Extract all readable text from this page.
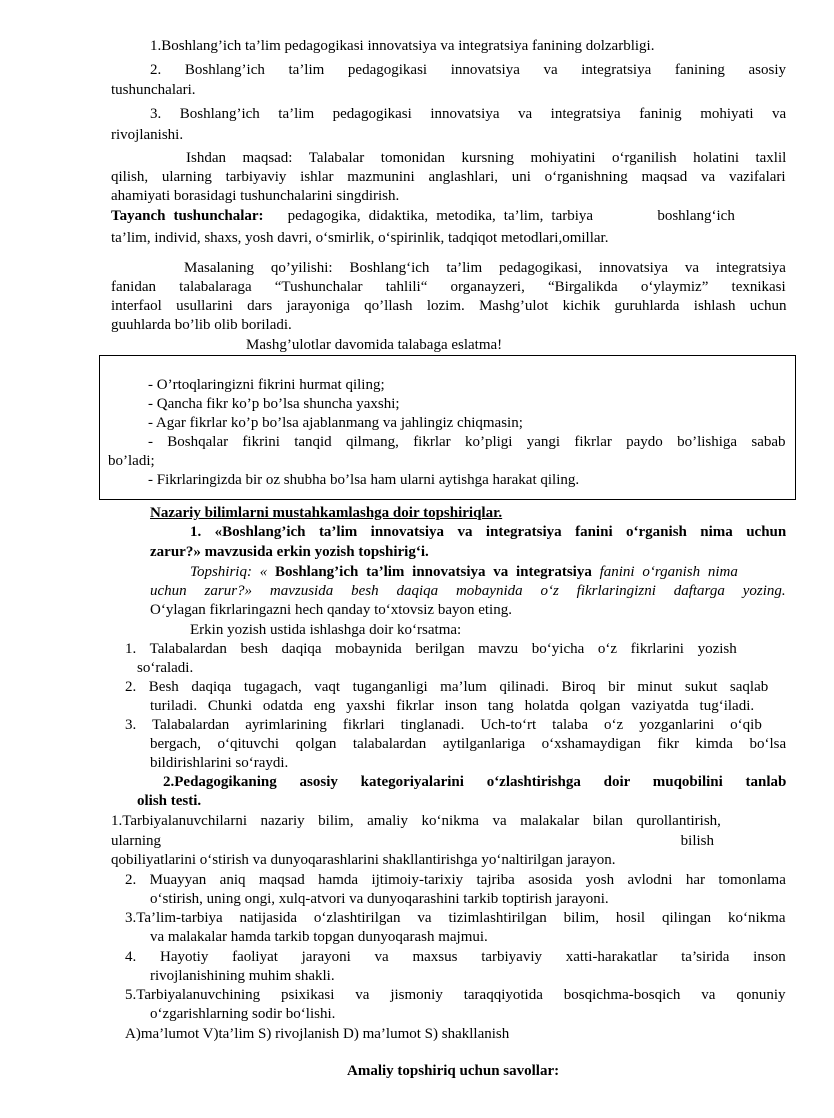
1.Boshlang’ich ta’lim pedagogikasi innovatsiya va integratsiya fanining dolzarbligi.
2. Boshlang’ich ta’lim pedagogikasi innovatsiya va integratsiya fanining asosiy
tushunchalari.
3. Boshlang’ich ta’lim pedagogikasi innovatsiya va integratsiya faninig mohiyati va
rivojlanishi.
Ishdan maqsad: Talabalar tomonidan kursning mohiyatini o‘rganilish holatini taxlil
qilish, ularning tarbiyaviy ishlar mazmunini anglashlari, uni o‘rganishning maqsad va vazifalari
ahamiyati borasidagi tushunchalarini singdirish.
Tayanch tushunchalar: pedagogika, didaktika, metodika, ta’lim, tarbiya        boshlang‘ich
ta’lim, individ, shaxs, yosh davri, o‘smirlik, o‘spirinlik, tadqiqot metodlari,omillar.
Masalaning qo’yilishi: Boshlang‘ich ta’lim pedagogikasi, innovatsiya va integratsiya
fanidan talabalaraga “Tushunchalar tahlili“ organayzeri, “Birgalikda o‘ylaymiz” texnikasi
interfaol usullarini dars jarayoniga qo’llash lozim. Mashg’ulot kichik guruhlarda ishlash uchun
guuhlarda bo’lib olib boriladi.
Mashg’ulotlar davomida talabaga eslatma!
- O’rtoqlaringizni fikrini hurmat qiling;
- Qancha fikr ko’p bo’lsa shuncha yaxshi;
- Agar fikrlar ko’p bo’lsa ajablanmang va jahlingiz chiqmasin;
- Boshqalar fikrini tanqid qilmang, fikrlar ko’pligi yangi fikrlar paydo bo’lishiga sabab
bo’ladi;
- Fikrlaringizda bir oz shubha bo’lsa ham ularni aytishga harakat qiling.
Nazariy bilimlarni mustahkamlashga doir topshiriqlar.
1. «Boshlang’ich ta’lim innovatsiya va integratsiya fanini o‘rganish nima uchun
zarur?» mavzusida erkin yozish topshirig‘i.
Topshiriq: « Boshlang’ich ta’lim innovatsiya va integratsiya fanini o‘rganish nima
uchun zarur?» mavzusida besh daqiqa mobaynida o‘z fikrlaringizni daftarga yozing.
O‘ylagan fikrlaringazni hech qanday to‘xtovsiz bayon eting.
Erkin yozish ustida ishlashga doir ko‘rsatma:
1. Talabalardan besh daqiqa mobaynida berilgan mavzu bo‘yicha o‘z fikrlarini yozish
so‘raladi.
2. Besh daqiqa tugagach, vaqt tuganganligi ma’lum qilinadi. Biroq bir minut sukut saqlab
turiladi. Chunki odatda eng yaxshi fikrlar inson tang holatda qolgan vaziyatda tug‘iladi.
3. Talabalardan ayrimlarining fikrlari tinglanadi. Uch-to‘rt talaba o‘z yozganlarini o‘qib
bergach, o‘qituvchi qolgan talabalardan aytilganlariga o‘xshamaydigan fikr kimda bo‘lsa
bildirishlarini so‘raydi.
2.Pedagogikaning asosiy kategoriyalarini o‘zlashtirishga doir muqobilini tanlab
olish testi.
1.Tarbiyalanuvchilarni nazariy bilim, amaliy ko‘nikma va malakalar bilan qurollantirish,
ularning	bilish
qobiliyatlarini o‘stirish va dunyoqarashlarini shakllantirishga yo‘naltirilgan jarayon.
2. Muayyan aniq maqsad hamda ijtimoiy-tarixiy tajriba asosida yosh avlodni har tomonlama
o‘stirish, uning ongi, xulq-atvori va dunyoqarashini tarkib toptirish jarayoni.
3.Ta’lim-tarbiya natijasida o‘zlashtirilgan va tizimlashtirilgan bilim, hosil qilingan ko‘nikma
va malakalar hamda tarkib topgan dunyoqarash majmui.
4. Hayotiy faoliyat jarayoni va maxsus tarbiyaviy xatti-harakatlar ta’sirida inson
rivojlanishining muhim shakli.
5.Tarbiyalanuvchining psixikasi va jismoniy taraqqiyotida bosqichma-bosqich va qonuniy
o‘zgarishlarning sodir bo‘lishi.
A)ma’lumot V)ta’lim S) rivojlanish D) ma’lumot S) shakllanish
Amaliy topshiriq uchun savollar:
